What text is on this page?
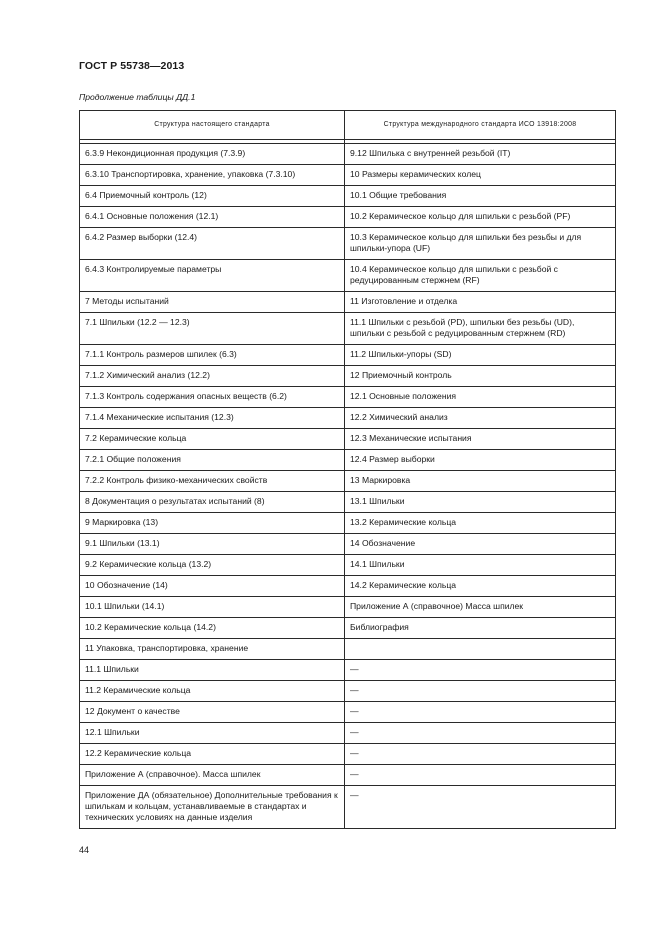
ГОСТ Р 55738—2013
Продолжение таблицы ДД.1
Структура настоящего стандарта	Структура международного стандарта ИСО 13918:2008

6.3.9 Некондиционная продукция (7.3.9)	9.12 Шпилька с внутренней резьбой (IT)
6.3.10 Транспортировка, хранение, упаковка (7.3.10)	10 Размеры керамических колец
6.4 Приемочный контроль (12)	10.1 Общие требования
6.4.1 Основные положения (12.1)	10.2 Керамическое кольцо для шпильки с резьбой (PF)
6.4.2 Размер выборки (12.4)	10.3 Керамическое кольцо для шпильки без резьбы и для шпильки-упора (UF)
6.4.3 Контролируемые параметры	10.4 Керамическое кольцо для шпильки с резьбой с редуцированным стержнем (RF)
7 Методы испытаний	11 Изготовление и отделка
7.1 Шпильки (12.2 — 12.3)	11.1 Шпильки с резьбой (PD), шпильки без резьбы (UD), шпильки с резьбой с редуцированным стержнем (RD)
7.1.1 Контроль размеров шпилек (6.3)	11.2 Шпильки-упоры (SD)
7.1.2 Химический анализ (12.2)	12 Приемочный контроль
7.1.3 Контроль содержания опасных веществ (6.2)	12.1 Основные положения
7.1.4 Механические испытания (12.3)	12.2 Химический анализ
7.2 Керамические кольца	12.3 Механические испытания
7.2.1 Общие положения	12.4 Размер выборки
7.2.2 Контроль физико-механических свойств	13 Маркировка
8 Документация о результатах испытаний (8)	13.1 Шпильки
9 Маркировка (13)	13.2 Керамические кольца
9.1 Шпильки (13.1)	14 Обозначение
9.2 Керамические кольца (13.2)	14.1 Шпильки
10 Обозначение (14)	14.2 Керамические кольца
10.1 Шпильки (14.1)	Приложение А (справочное) Масса шпилек
10.2 Керамические кольца (14.2)	Библиография
11 Упаковка, транспортировка, хранение	
11.1 Шпильки	—
11.2 Керамические кольца	—
12 Документ о качестве	—
12.1 Шпильки	—
12.2 Керамические кольца	—
Приложение А (справочное). Масса шпилек	—
Приложение ДА (обязательное) Дополнительные требования к шпилькам и кольцам, устанавливаемые в стандартах и технических условиях на данные изделия	—
44
